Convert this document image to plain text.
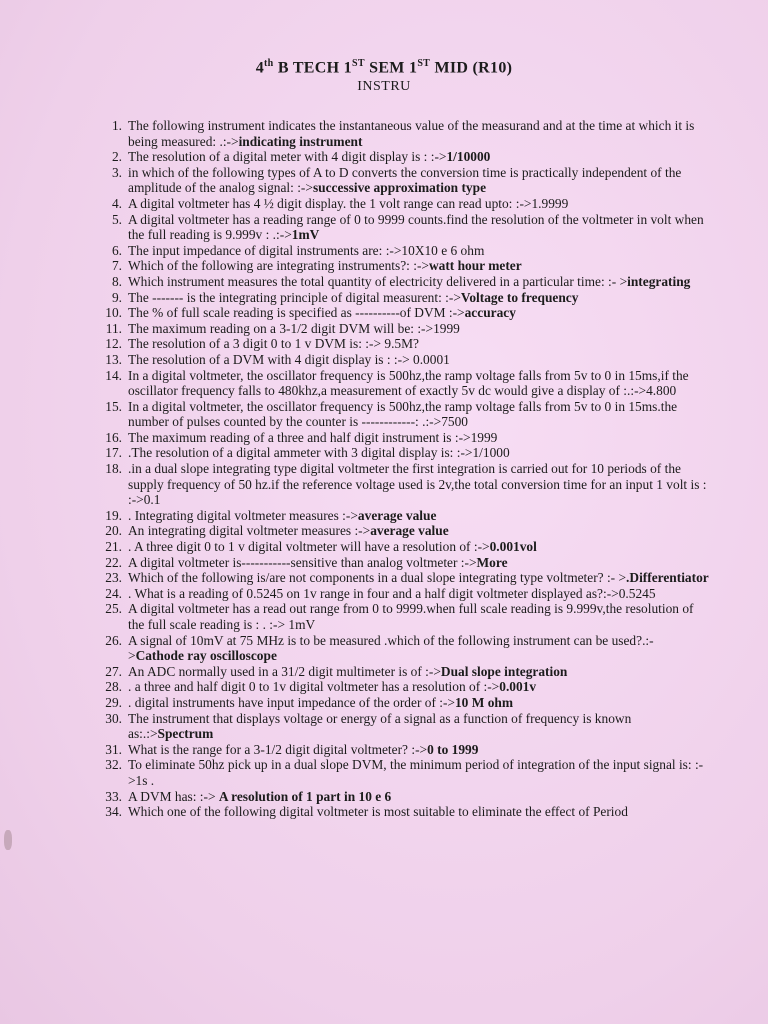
4th B TECH 1ST SEM 1ST MID (R10)
INSTRU
1. The following instrument indicates the instantaneous value of the measurand and at the time at which it is being measured: .:->indicating instrument
2. The resolution of a digital meter with 4 digit display is : :->1/10000
3. in which of the following types of A to D converts the conversion time is practically independent of the amplitude of the analog signal: :->successive approximation type
4. A digital voltmeter has 4 ½ digit display. the 1 volt range can read upto: :->1.9999
5. A digital voltmeter has a reading range of 0 to 9999 counts.find the resolution of the voltmeter in volt when the full reading is 9.999v : .:->1mV
6. The input impedance of digital instruments are: :->10X10 e 6 ohm
7. Which of the following are integrating instruments?: :->watt hour meter
8. Which instrument measures the total quantity of electricity delivered in a particular time: :- >integrating
9. The ------- is the integrating principle of digital measurent: :->Voltage to frequency
10. The % of full scale reading is specified as ----------of DVM :->accuracy
11. The maximum reading on a 3-1/2 digit DVM will be: :->1999
12. The resolution of a 3 digit 0 to 1 v DVM is: :-> 9.5M?
13. The resolution of a DVM with 4 digit display is : :-> 0.0001
14. In a digital voltmeter, the oscillator frequency is 500hz,the ramp voltage falls from 5v to 0 in 15ms,if the oscillator frequency falls to 480khz,a measurement of exactly 5v dc would give a display of :.:->4.800
15. In a digital voltmeter, the oscillator frequency is 500hz,the ramp voltage falls from 5v to 0 in 15ms.the number of pulses counted by the counter is ------------: .:->7500
16. The maximum reading of a three and half digit instrument is :->1999
17. .The resolution of a digital ammeter with 3 digital display is: :->1/1000
18. .in a dual slope integrating type digital voltmeter the first integration is carried out for 10 periods of the supply frequency of 50 hz.if the reference voltage used is 2v,the total conversion time for an input 1 volt is : :->0.1
19. . Integrating digital voltmeter measures :->average value
20. An integrating digital voltmeter measures :->average value
21. . A three digit 0 to 1 v digital voltmeter will have a resolution of :->0.001vol
22. A digital voltmeter is-----------sensitive than analog voltmeter :->More
23. Which of the following is/are not components in a dual slope integrating type voltmeter? :- >.Differentiator
24. . What is a reading of 0.5245 on 1v range in four and a half digit voltmeter displayed as?:->0.5245
25. A digital voltmeter has a read out range from 0 to 9999.when full scale reading is 9.999v,the resolution of the full scale reading is : . :-> 1mV
26. A signal of 10mV at 75 MHz is to be measured .which of the following instrument can be used?.:- >Cathode ray oscilloscope
27. An ADC normally used in a 31/2 digit multimeter is of :->Dual slope integration
28. . a three and half digit 0 to 1v digital voltmeter has a resolution of :->0.001v
29. . digital instruments have input impedance of the order of :->10 M ohm
30. The instrument that displays voltage or energy of a signal as a function of frequency is known as:.:>Spectrum
31. What is the range for a 3-1/2 digit digital voltmeter? :->0 to 1999
32. To eliminate 50hz pick up in a dual slope DVM, the minimum period of integration of the input signal is: :->1s .
33. A DVM has: :-> A resolution of 1 part in 10 e 6
34. Which one of the following digital voltmeter is most suitable to eliminate the effect of Period
